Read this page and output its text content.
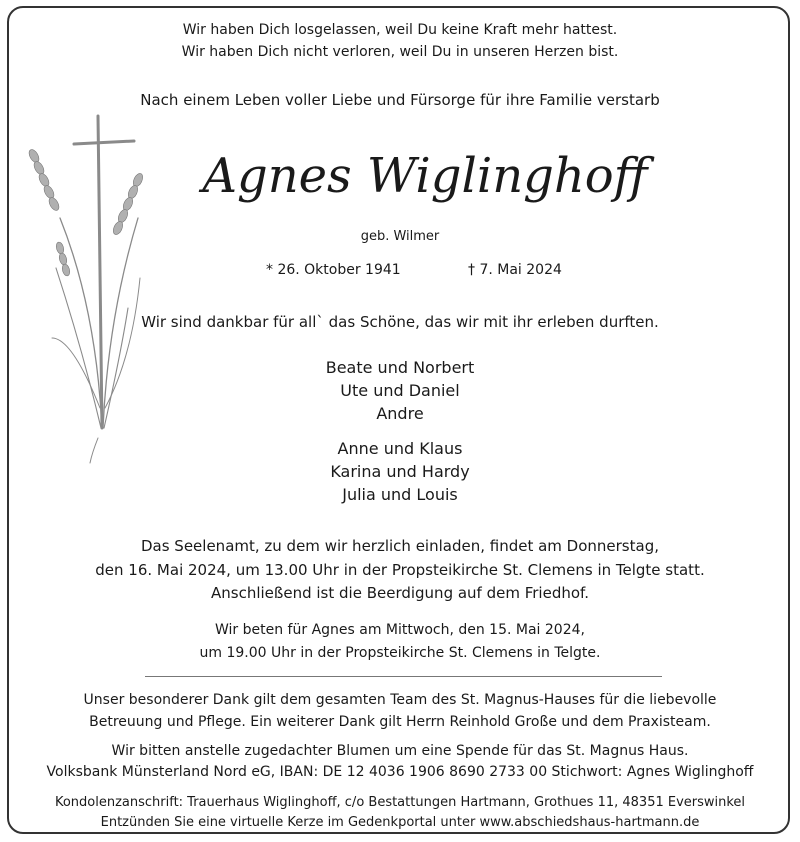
Wir haben Dich losgelassen, weil Du keine Kraft mehr hattest.
Wir haben Dich nicht verloren, weil Du in unseren Herzen bist.
Nach einem Leben voller Liebe und Fürsorge für ihre Familie verstarb
Agnes Wiglinghoff
geb. Wilmer
* 26. Oktober 1941	† 7. Mai 2024
Wir sind dankbar für all` das Schöne, das wir mit ihr erleben durften.
Beate und Norbert
Ute und Daniel
Andre
Anne und Klaus
Karina und Hardy
Julia und Louis
Das Seelenamt, zu dem wir herzlich einladen, findet am Donnerstag,
den 16. Mai 2024, um 13.00 Uhr in der Propsteikirche St. Clemens in Telgte statt.
Anschließend ist die Beerdigung auf dem Friedhof.
Wir beten für Agnes am Mittwoch, den 15. Mai 2024,
um 19.00 Uhr in der Propsteikirche St. Clemens in Telgte.
Unser besonderer Dank gilt dem gesamten Team des St. Magnus-Hauses für die liebevolle
Betreuung und Pflege. Ein weiterer Dank gilt Herrn Reinhold Große und dem Praxisteam.
Wir bitten anstelle zugedachter Blumen um eine Spende für das St. Magnus Haus.
Volksbank Münsterland Nord eG, IBAN: DE 12 4036 1906 8690 2733 00 Stichwort: Agnes Wiglinghoff
Kondolenzanschrift: Trauerhaus Wiglinghoff, c/o Bestattungen Hartmann, Grothues 11, 48351 Everswinkel
Entzünden Sie eine virtuelle Kerze im Gedenkportal unter www.abschiedshaus-hartmann.de
